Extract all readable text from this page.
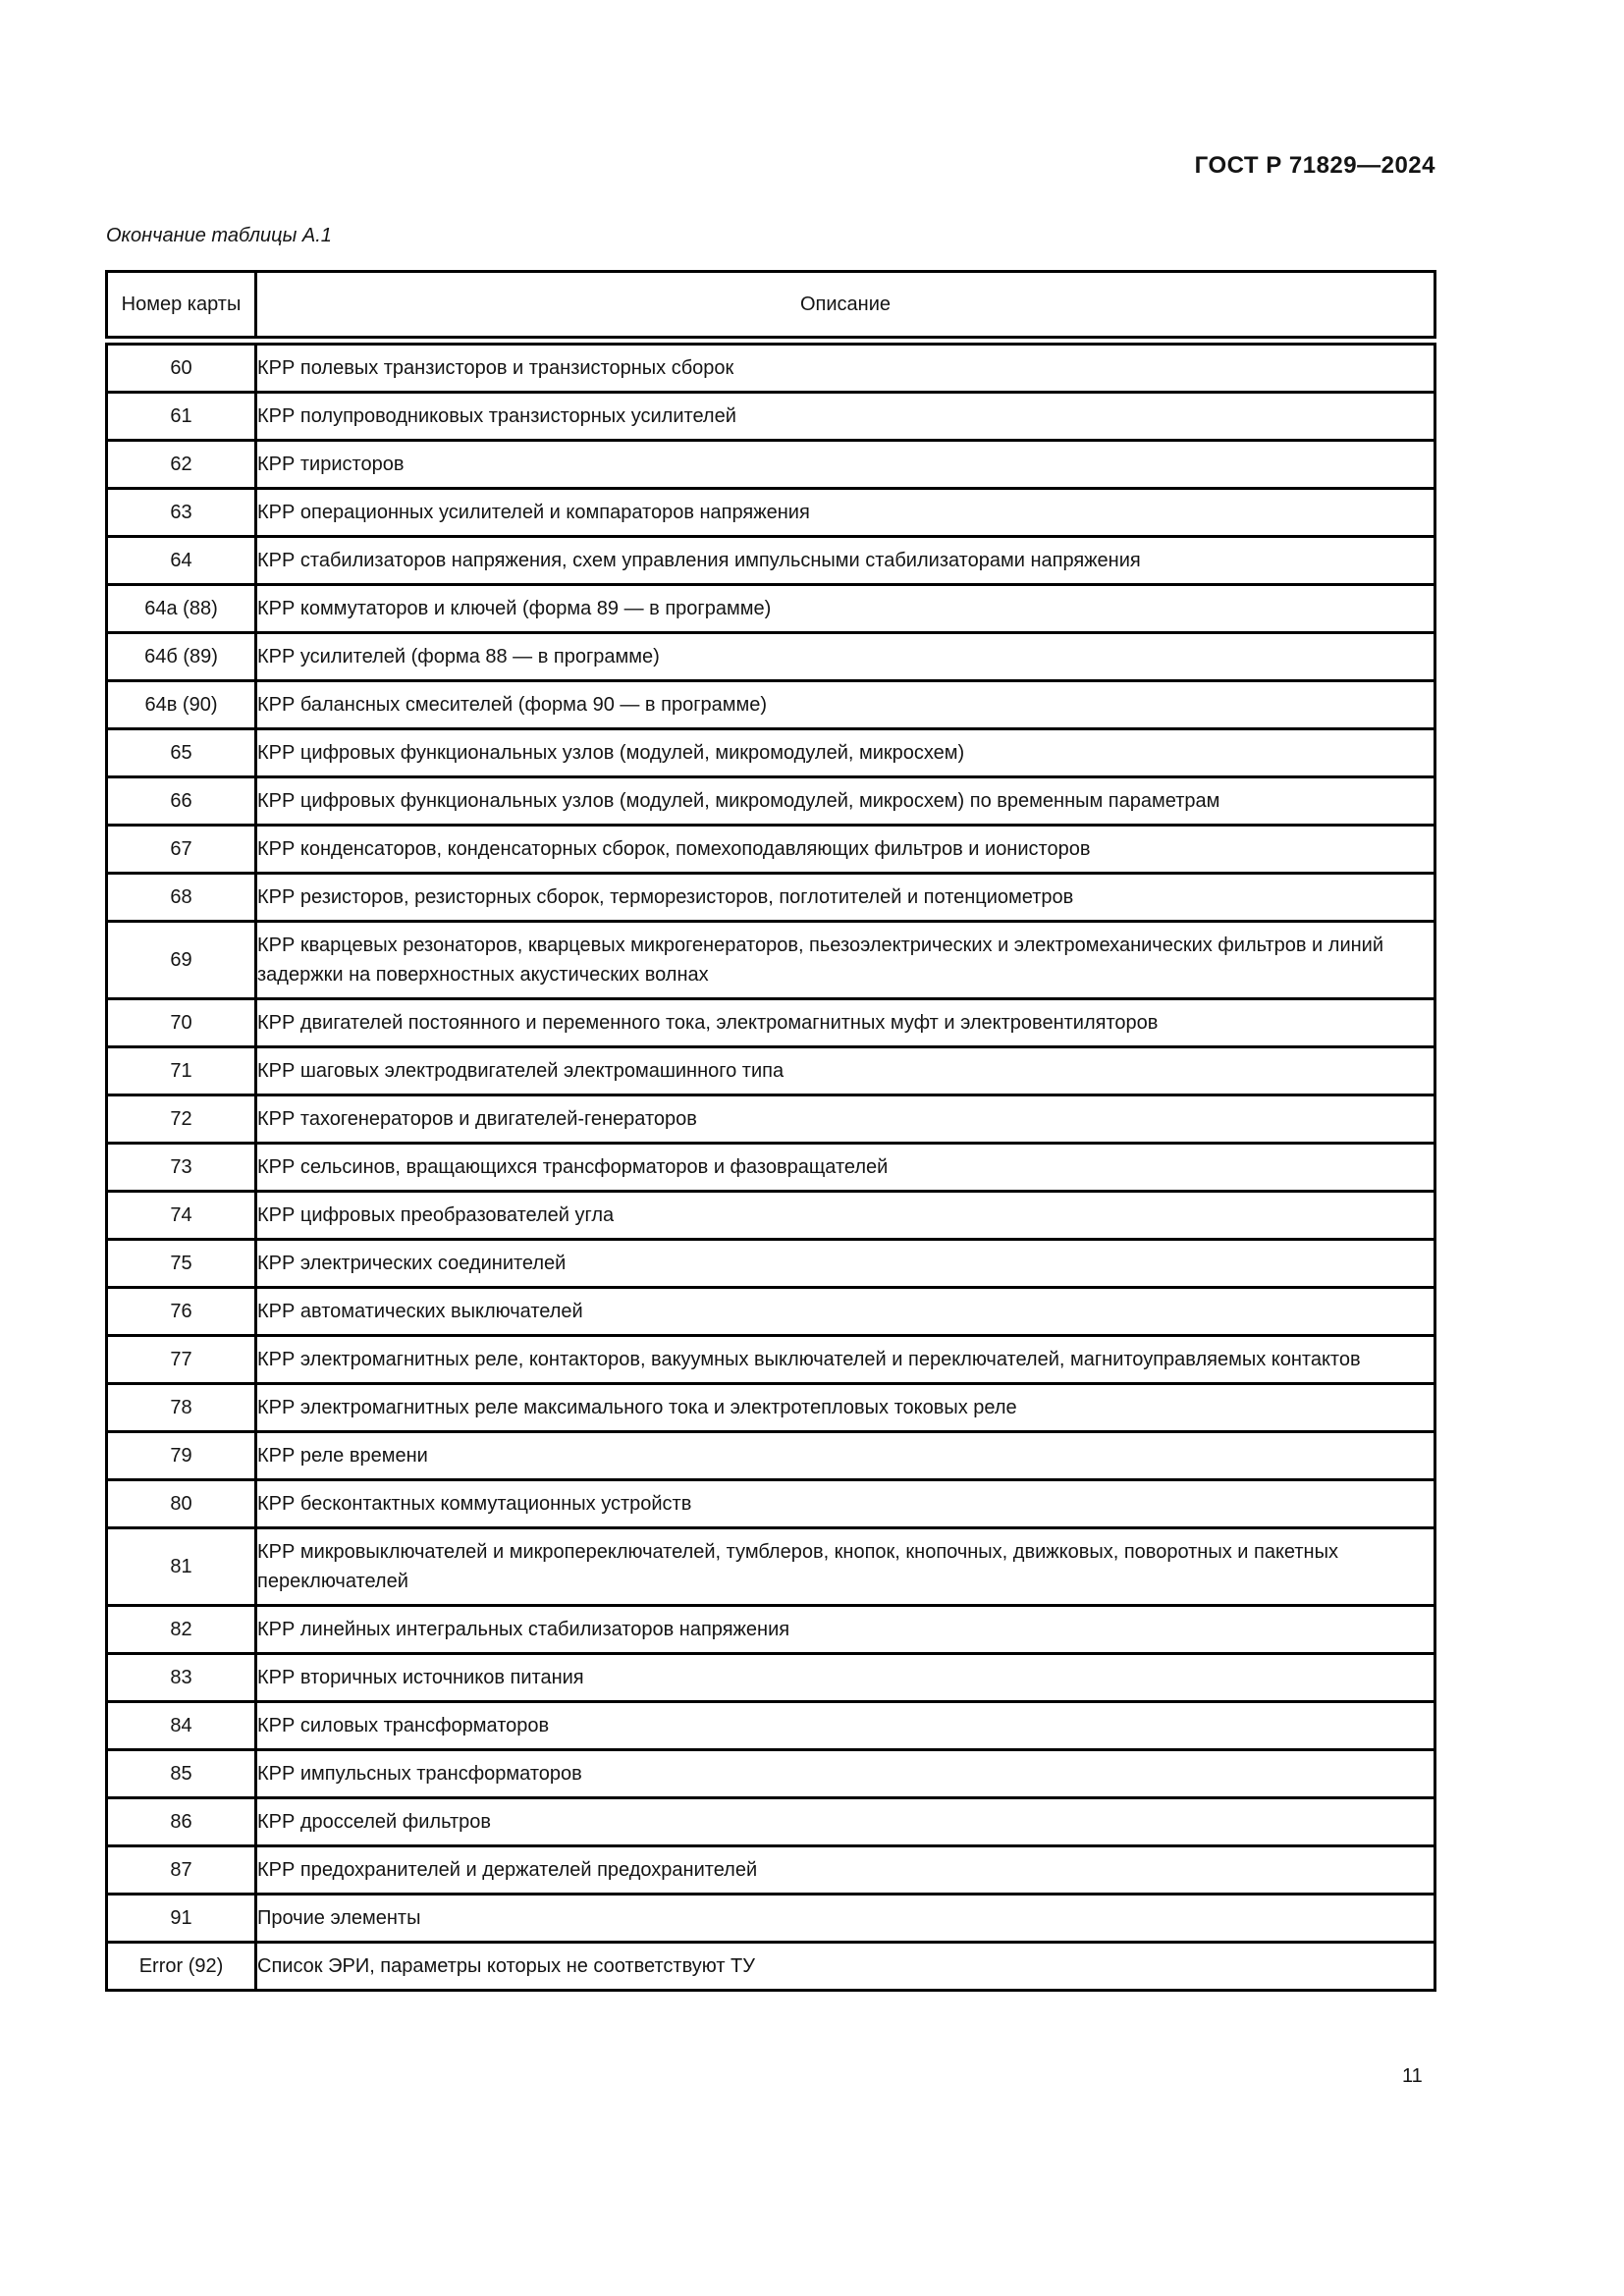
ГОСТ Р 71829—2024
Окончание таблицы А.1
Номер карты	Описание
60	КРР полевых транзисторов и транзисторных сборок
61	КРР полупроводниковых транзисторных усилителей
62	КРР тиристоров
63	КРР операционных усилителей и компараторов напряжения
64	КРР стабилизаторов напряжения, схем управления импульсными стабилизаторами напряжения
64а (88)	КРР коммутаторов и ключей (форма 89 — в программе)
64б (89)	КРР усилителей (форма 88 — в программе)
64в (90)	КРР балансных смесителей (форма 90 — в программе)
65	КРР цифровых функциональных узлов (модулей, микромодулей, микросхем)
66	КРР цифровых функциональных узлов (модулей, микромодулей, микросхем) по временным параметрам
67	КРР конденсаторов, конденсаторных сборок, помехоподавляющих фильтров и ионисторов
68	КРР резисторов, резисторных сборок, терморезисторов, поглотителей и потенциометров
69	КРР кварцевых резонаторов, кварцевых микрогенераторов, пьезоэлектрических и электромеханических фильтров и линий задержки на поверхностных акустических волнах
70	КРР двигателей постоянного и переменного тока, электромагнитных муфт и электровентиляторов
71	КРР шаговых электродвигателей электромашинного типа
72	КРР тахогенераторов и двигателей-генераторов
73	КРР сельсинов, вращающихся трансформаторов и фазовращателей
74	КРР цифровых преобразователей угла
75	КРР электрических соединителей
76	КРР автоматических выключателей
77	КРР электромагнитных реле, контакторов, вакуумных выключателей и переключателей, магнитоуправляемых контактов
78	КРР электромагнитных реле максимального тока и электротепловых токовых реле
79	КРР реле времени
80	КРР бесконтактных коммутационных устройств
81	КРР микровыключателей и микропереключателей, тумблеров, кнопок, кнопочных, движковых, поворотных и пакетных переключателей
82	КРР линейных интегральных стабилизаторов напряжения
83	КРР вторичных источников питания
84	КРР силовых трансформаторов
85	КРР импульсных трансформаторов
86	КРР дросселей фильтров
87	КРР предохранителей и держателей предохранителей
91	Прочие элементы
Error (92)	Список ЭРИ, параметры которых не соответствуют ТУ
11
